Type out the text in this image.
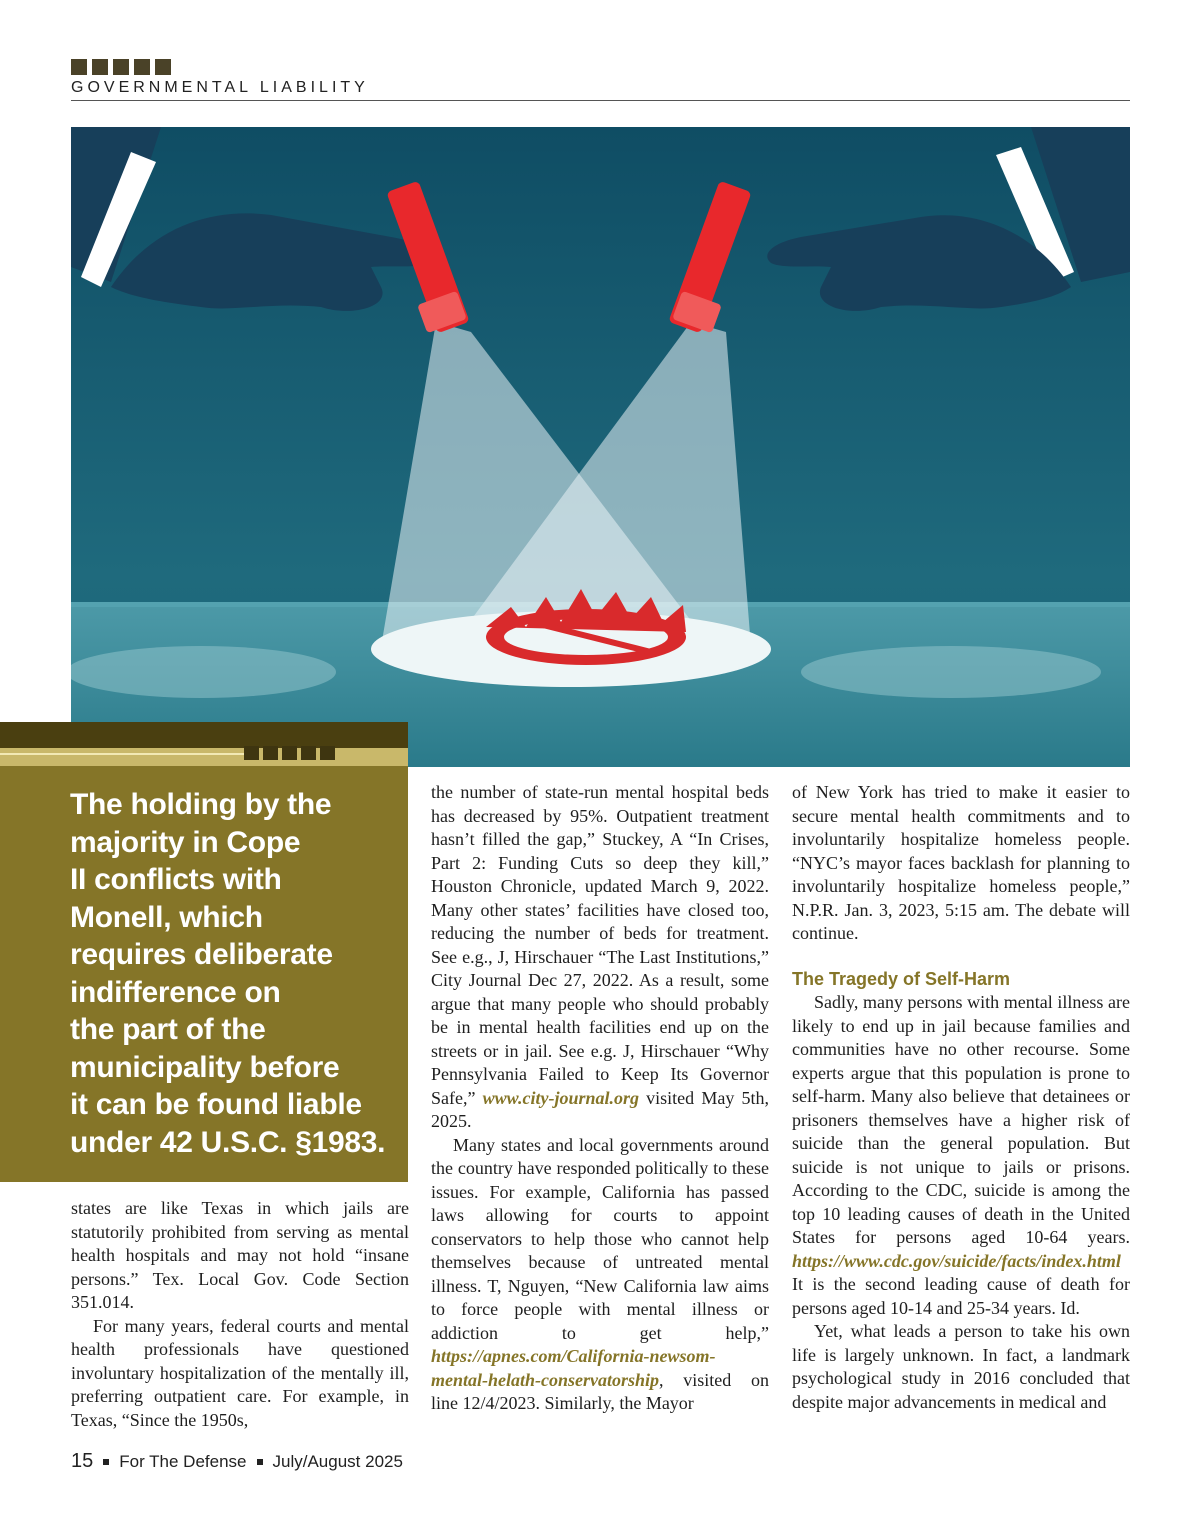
GOVERNMENTAL LIABILITY
The holding by the
majority in Cope
II conflicts with
Monell, which
requires deliberate
indifference on
the part of the
municipality before
it can be found liable
under 42 U.S.C. §1983.

states are like Texas in which jails are statutorily prohibited from serving as mental health hospitals and may not hold “insane persons.” Tex. Local Gov. Code Section 351.014.

For many years, federal courts and mental health professionals have questioned involuntary hospitalization of the mentally ill, preferring outpatient care. For example, in Texas, “Since the 1950s,

the number of state-run mental hospital beds has decreased by 95%. Outpatient treatment hasn’t filled the gap,” Stuckey, A “In Crises, Part 2: Funding Cuts so deep they kill,” Houston Chronicle, updated March 9, 2022. Many other states’ facilities have closed too, reducing the number of beds for treatment. See e.g., J, Hirschauer “The Last Institutions,” City Journal Dec 27, 2022. As a result, some argue that many people who should probably be in mental health facilities end up on the streets or in jail. See e.g. J, Hirschauer “Why Pennsylvania Failed to Keep Its Governor Safe,” www.city-journal.org visited May 5th, 2025.

Many states and local governments around the country have responded politically to these issues. For example, California has passed laws allowing for courts to appoint conservators to help those who cannot help themselves because of untreated mental illness. T, Nguyen, “New California law aims to force people with mental illness or addiction to get help,” https://apnes.com/California-newsom-mental-helath-conservatorship, visited on line 12/4/2023. Similarly, the Mayor

of New York has tried to make it easier to secure mental health commitments and to involuntarily hospitalize homeless people. “NYC’s mayor faces backlash for planning to involuntarily hospitalize homeless people,” N.P.R. Jan. 3, 2023, 5:15 am. The debate will continue.

The Tragedy of Self-Harm

Sadly, many persons with mental illness are likely to end up in jail because families and communities have no other recourse. Some experts argue that this population is prone to self-harm. Many also believe that detainees or prisoners themselves have a higher risk of suicide than the general population. But suicide is not unique to jails or prisons. According to the CDC, suicide is among the top 10 leading causes of death in the United States for persons aged 10-64 years. https://www.cdc.gov/suicide/facts/index.html It is the second leading cause of death for persons aged 10-14 and 25-34 years. Id.

Yet, what leads a person to take his own life is largely unknown. In fact, a landmark psychological study in 2016 concluded that despite major advancements in medical and

15 For The Defense July/August 2025
